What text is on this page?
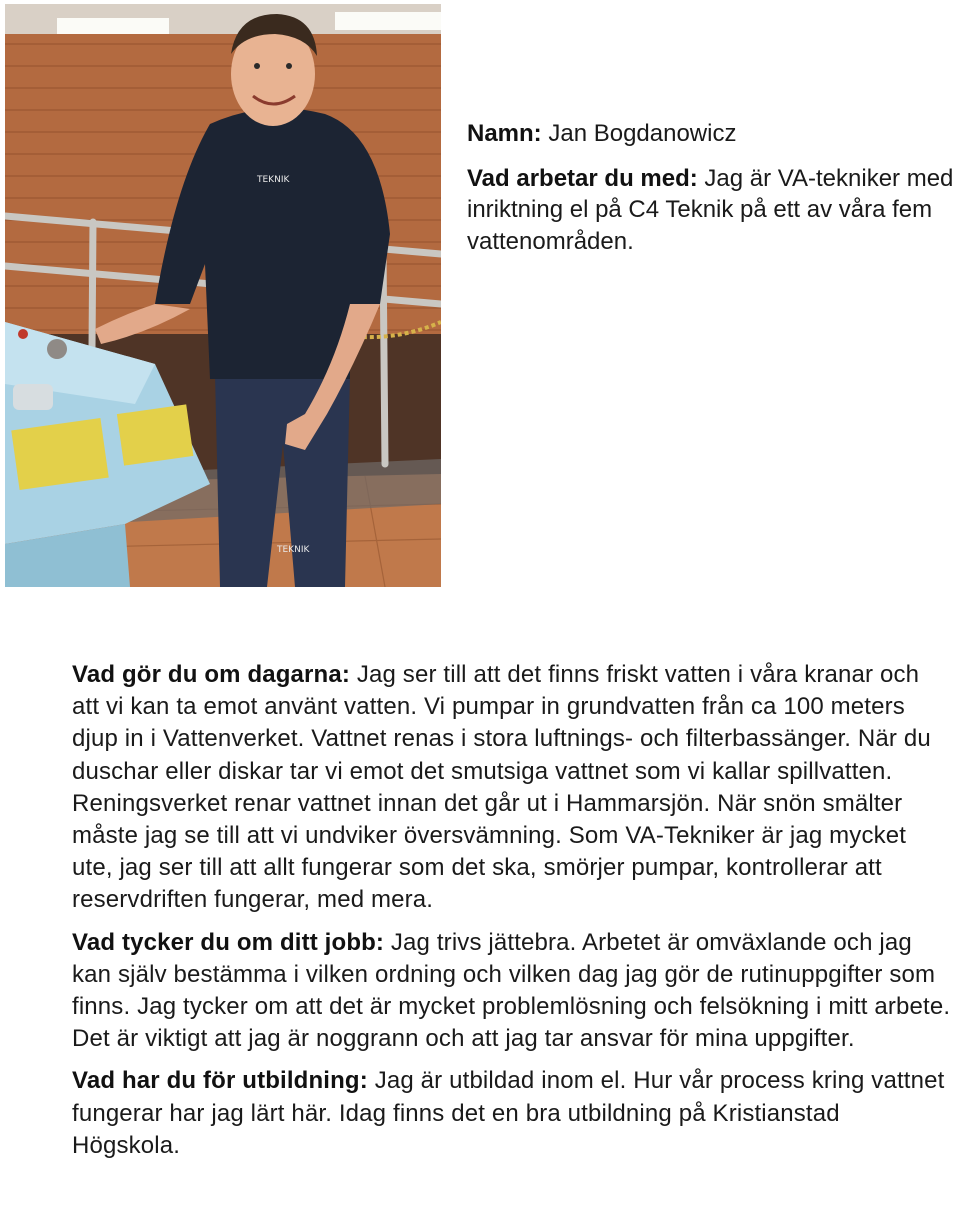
TEKNIK
TEKNIK

Namn: Jan Bogdanowicz

Vad arbetar du med: Jag är VA-tekniker med inriktning el på C4 Teknik på ett av våra fem vattenområden.

Vad gör du om dagarna: Jag ser till att det finns friskt vatten i våra kranar och att vi kan ta emot använt vatten. Vi pumpar in grundvatten från ca 100 meters djup in i Vattenverket. Vattnet renas i stora luftnings- och filterbassänger. När du duschar eller diskar tar vi emot det smutsiga vattnet som vi kallar spillvatten. Reningsverket renar vattnet innan det går ut i Hammarsjön. När snön smälter måste jag se till att vi undviker översvämning. Som VA-Tekniker är jag mycket ute, jag ser till att allt fungerar som det ska, smörjer pumpar, kontrollerar att reservdriften fungerar, med mera.

Vad tycker du om ditt jobb: Jag trivs jättebra. Arbetet är omväxlande och jag kan själv bestämma i vilken ordning och vilken dag jag gör de rutinuppgifter som finns. Jag tycker om att det är mycket problemlösning och felsökning i mitt arbete. Det är viktigt att jag är noggrann och att jag tar ansvar för mina uppgifter.

Vad har du för utbildning: Jag är utbildad inom el. Hur vår process kring vattnet fungerar har jag lärt här. Idag finns det en bra utbildning på Kristianstad Högskola.
